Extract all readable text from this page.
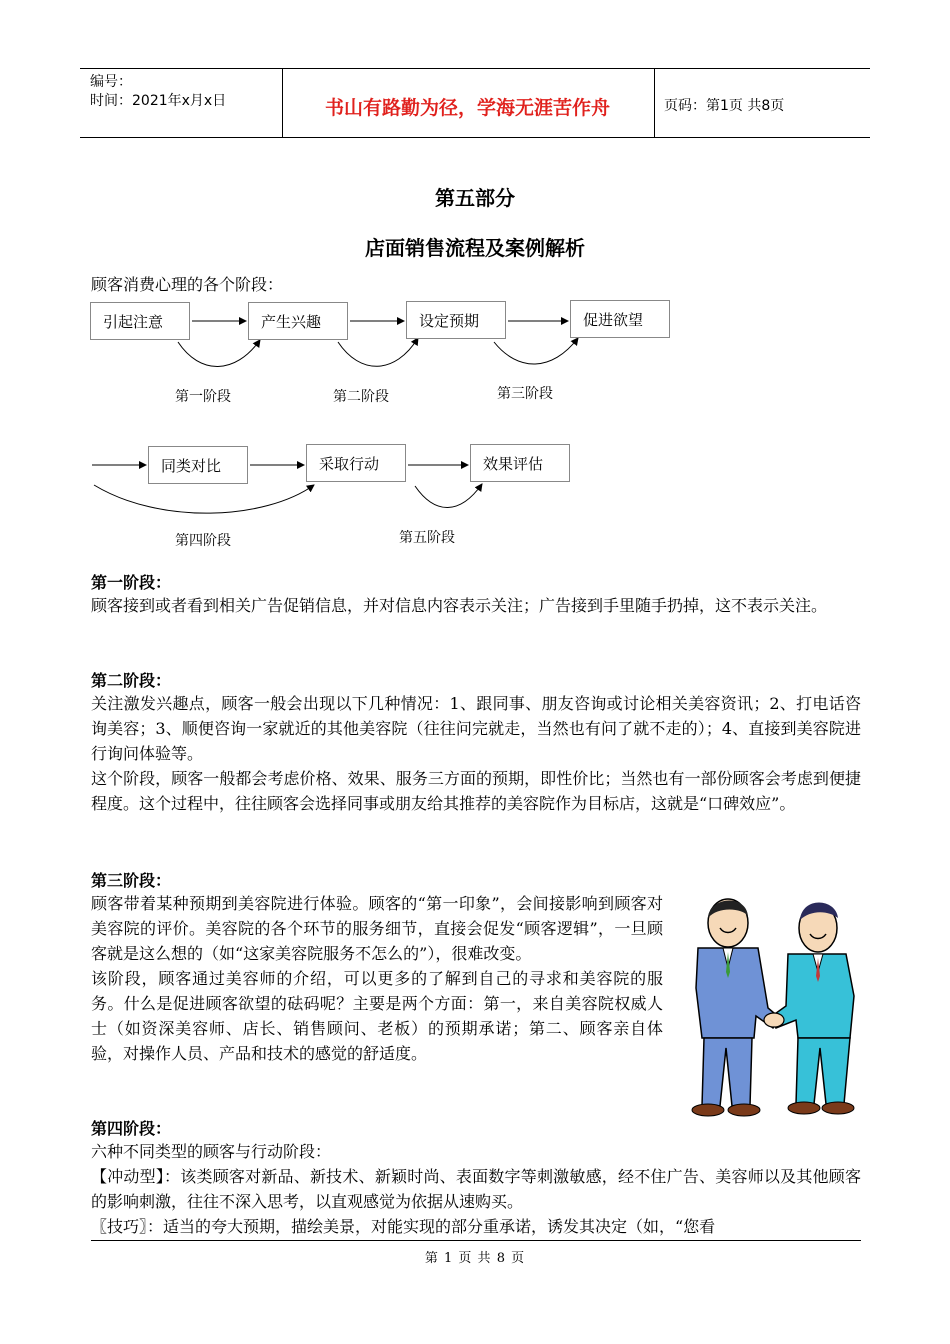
编号：
时间：2021年x月x日	书山有路勤为径，学海无涯苦作舟	页码：第1页 共8页
第五部分
店面销售流程及案例解析
顾客消费心理的各个阶段：
引起注意	产生兴趣	设定预期	促进欲望
同类对比	采取行动	效果评估
第一阶段	第二阶段	第三阶段
第四阶段	第五阶段
第一阶段：

顾客接到或者看到相关广告促销信息，并对信息内容表示关注；广告接到手里随手扔掉，这不表示关注。

第二阶段：

关注激发兴趣点，顾客一般会出现以下几种情况：1、跟同事、朋友咨询或讨论相关美容资讯；2、打电话咨询美容；3、顺便咨询一家就近的其他美容院（往往问完就走，当然也有问了就不走的）；4、直接到美容院进行询问体验等。

这个阶段，顾客一般都会考虑价格、效果、服务三方面的预期，即性价比；当然也有一部份顾客会考虑到便捷程度。这个过程中，往往顾客会选择同事或朋友给其推荐的美容院作为目标店，这就是“口碑效应”。

第三阶段：

顾客带着某种预期到美容院进行体验。顾客的“第一印象”，会间接影响到顾客对美容院的评价。美容院的各个环节的服务细节，直接会促发“顾客逻辑”，一旦顾客就是这么想的（如“这家美容院服务不怎么的”），很难改变。

该阶段，顾客通过美容师的介绍，可以更多的了解到自己的寻求和美容院的服务。什么是促进顾客欲望的砝码呢？主要是两个方面：第一，来自美容院权威人士（如资深美容师、店长、销售顾问、老板）的预期承诺；第二、顾客亲自体验，对操作人员、产品和技术的感觉的舒适度。

第四阶段：

六种不同类型的顾客与行动阶段：

【冲动型】：该类顾客对新品、新技术、新颖时尚、表面数字等刺激敏感，经不住广告、美容师以及其他顾客的影响刺激，往往不深入思考，以直观感觉为依据从速购买。

〖技巧〗：适当的夸大预期，描绘美景，对能实现的部分重承诺，诱发其决定（如，“您看

第 1 页 共 8 页
